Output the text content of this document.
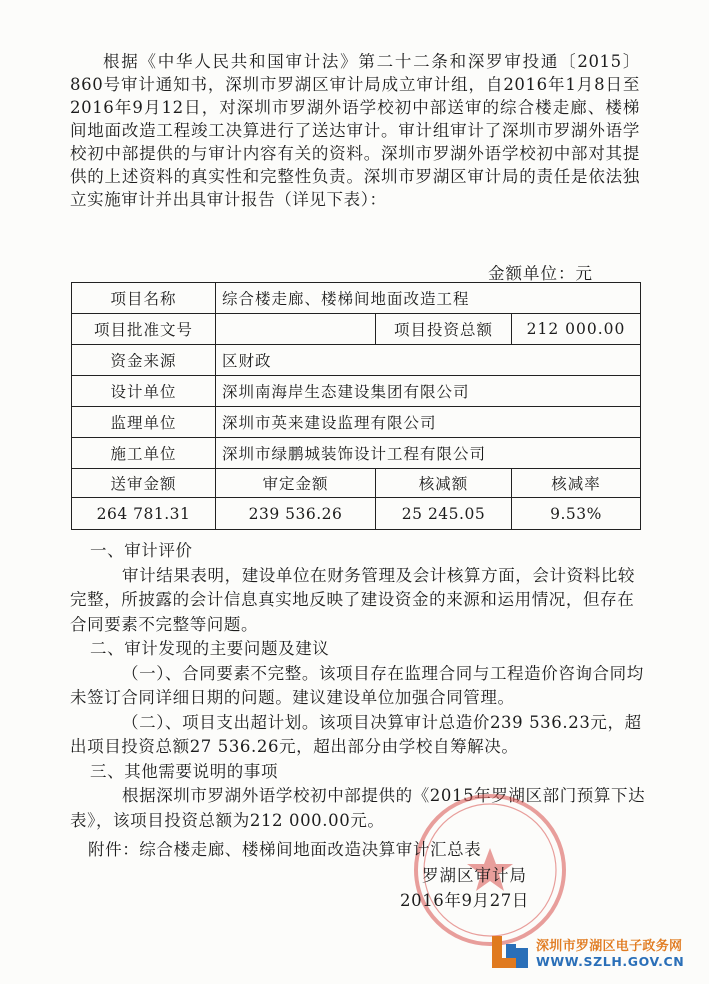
根据《中华人民共和国审计法》第二十二条和深罗审投通〔2015〕860号审计通知书，深圳市罗湖区审计局成立审计组，自2016年1月8日至2016年9月12日，对深圳市罗湖外语学校初中部送审的综合楼走廊、楼梯间地面改造工程竣工决算进行了送达审计。审计组审计了深圳市罗湖外语学校初中部提供的与审计内容有关的资料。深圳市罗湖外语学校初中部对其提供的上述资料的真实性和完整性负责。深圳市罗湖区审计局的责任是依法独立实施审计并出具审计报告（详见下表）：
金额单位：元
项目名称	综合楼走廊、楼梯间地面改造工程		
项目批准文号		项目投资总额	212 000.00
资金来源	区财政		
设计单位	深圳南海岸生态建设集团有限公司		
监理单位	深圳市英来建设监理有限公司		
施工单位	深圳市绿鹏城装饰设计工程有限公司		
送审金额	审定金额	核减额	核减率
264 781.31	239 536.26	25 245.05	9.53%

一、审计评价

审计结果表明，建设单位在财务管理及会计核算方面，会计资料比较完整，所披露的会计信息真实地反映了建设资金的来源和运用情况，但存在合同要素不完整等问题。

二、审计发现的主要问题及建议

（一）、合同要素不完整。该项目存在监理合同与工程造价咨询合同均未签订合同详细日期的问题。建议建设单位加强合同管理。

（二）、项目支出超计划。该项目决算审计总造价239 536.23元，超出项目投资总额27 536.26元，超出部分由学校自筹解决。

三、其他需要说明的事项

根据深圳市罗湖外语学校初中部提供的《2015年罗湖区部门预算下达表》，该项目投资总额为212 000.00元。

附件：综合楼走廊、楼梯间地面改造决算审计汇总表
罗湖区审计局
2016年9月27日
深圳市罗湖区电子政务网
WWW.SZLH.GOV.CN
